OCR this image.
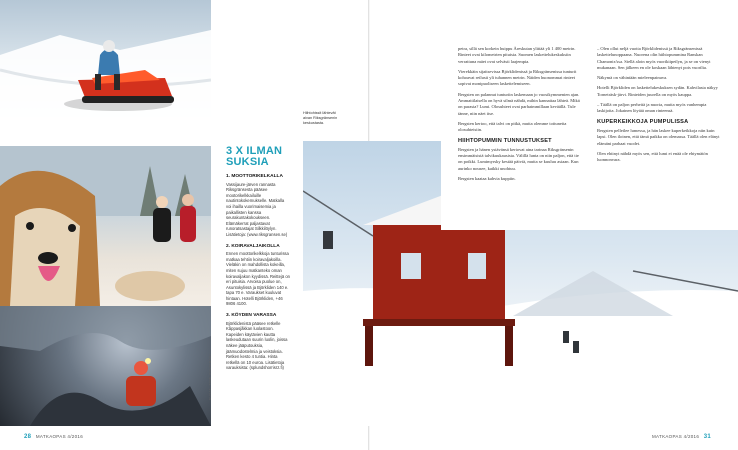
KUVAT: TOMI KUUSIMÄKI
3 X ILMAN SUKSIA
1. MOOTTORIKELKALLA

Vassijaure-järven rannasta Riksgränsesta pääsee mootorikelkkailuille nautintokokemukselle. Matkalla voi ihailla vuorimaisemia ja paikallisten kanssa seurakuntakokoukseen. Elämäkerrat paljastavat runoratsastajat Silkkilöylyn. Lisätietoja: (www.riksgransen.se)

2. KOIRAVALJAIKOLLA

Ennen moottorikelkkoja tunturissa matkaa tehtiin koiravaljakoilla. Vieläkin on mahdollista kokeilla, miten sujuu matkanteko oman koiravaljakon kyydissä. Reittejä on eri pituisia. Arvoisa puolue on, Asuntokylissä ja Björkliden 140 e. tapa 70 e. Varaukset kuuluvat hintaan. Hotelli Björkliden, +46 9806 4100.

3. KÖYDEN VARASSA

Björklidenistä pääsee retkelle Kåppasjåkkan luolastoon. Kapeiden käytävien kautta laskeudutaan suurin luolin, joissa näkee jääputouksia, jäämuodostelmia ja veistoksia. Retken kesto 4 tuntia. Hinta retkellä on 10 euroa. Lisätietoja varauksista: (splundshorrisrz.fi)

Hiihtohissit lähtevät aivan Riksgränsenin keskustasta.

petra, sillä sen korkein huippu Åreskutan ylittää yli 1 400 metrin. Rinteet ovat kilometrien pituisia. Suomen laskettelukeskuksiin verrattuna mäet ovat selvästi laajempia.

Vierekkäin sijaitsevissa Björklidenissä ja Riksgränsenissa tunturit kohoavat reilusti yli tuhannen metrin. Näiden huonommat rinteet sopivat monipuoliseen laskettelemiseen.

Bergsten on palannut tunturiin laskemaan jo vuosikymmenien ajan. Ammattilaisella on hyvä silmä nähdä, mihin kannattaa lähteä. Mikä on parasta? Lumi. Olosuhteet ovat parhaimmillaan keväällä. Tule tänne, niin näet itse.

Bergsten kertoo, että talvi on pitkä, mutta olemme tottuneita olosuhteisiin.

HIIHTOPUMMIN TUNNUSTUKSET

Bergsten ja hänen ystävänsä kertovat aina tarinaa Riksgränsenin ensimmäisistä talvikuukausista. Välillä lunta on niin paljon, että tie on poikki. Lumimyrsky kestää päiviä, mutta se kuuluu asiaan. Kun aurinko nousee, kaikki unohtuu.

Bergsten kaataa kahvia kuppiin.

– Olen ollut neljä vuotta Björklidenissä ja Riksgränsenissä laskettelunoppaana. Nuorena olin hiihtopummina Ranskan Chamonix'ssa. Siellä aloin myös vuorikiipeilyn, ja se on vienyt mukanaan. Sen jälkeen en ole koskaan lähtenyt pois vuorilta.

Näkymä on vähintään mieleenpainuva.

Hotelli Björkliden on laskettelukeskuksen sydän. Kahvilasta näkyy Torneträsk-järvi. Rinteiden juurella on myös kauppa.

– Täällä on paljon perheitä ja nuoria, mutta myös vanhempia laskijoita. Jokainen löytää oman rinteensä.

KUPERKEIKKOJA PUMPULISSA

Bergsten pelleilee lumessa, ja hän laskee kuperkeikkoja niin kuin lapsi. Olen iloinen, että tämä paikka on olemassa. Täällä olen elänyt elämäni parhaat vuodet.

Olen ehtinyt nähdä myös sen, että lumi ei enää ole ehtymätön luonnonvara.

28 MATKAOPAS 4/2016	MATKAOPAS 4/2016 31
